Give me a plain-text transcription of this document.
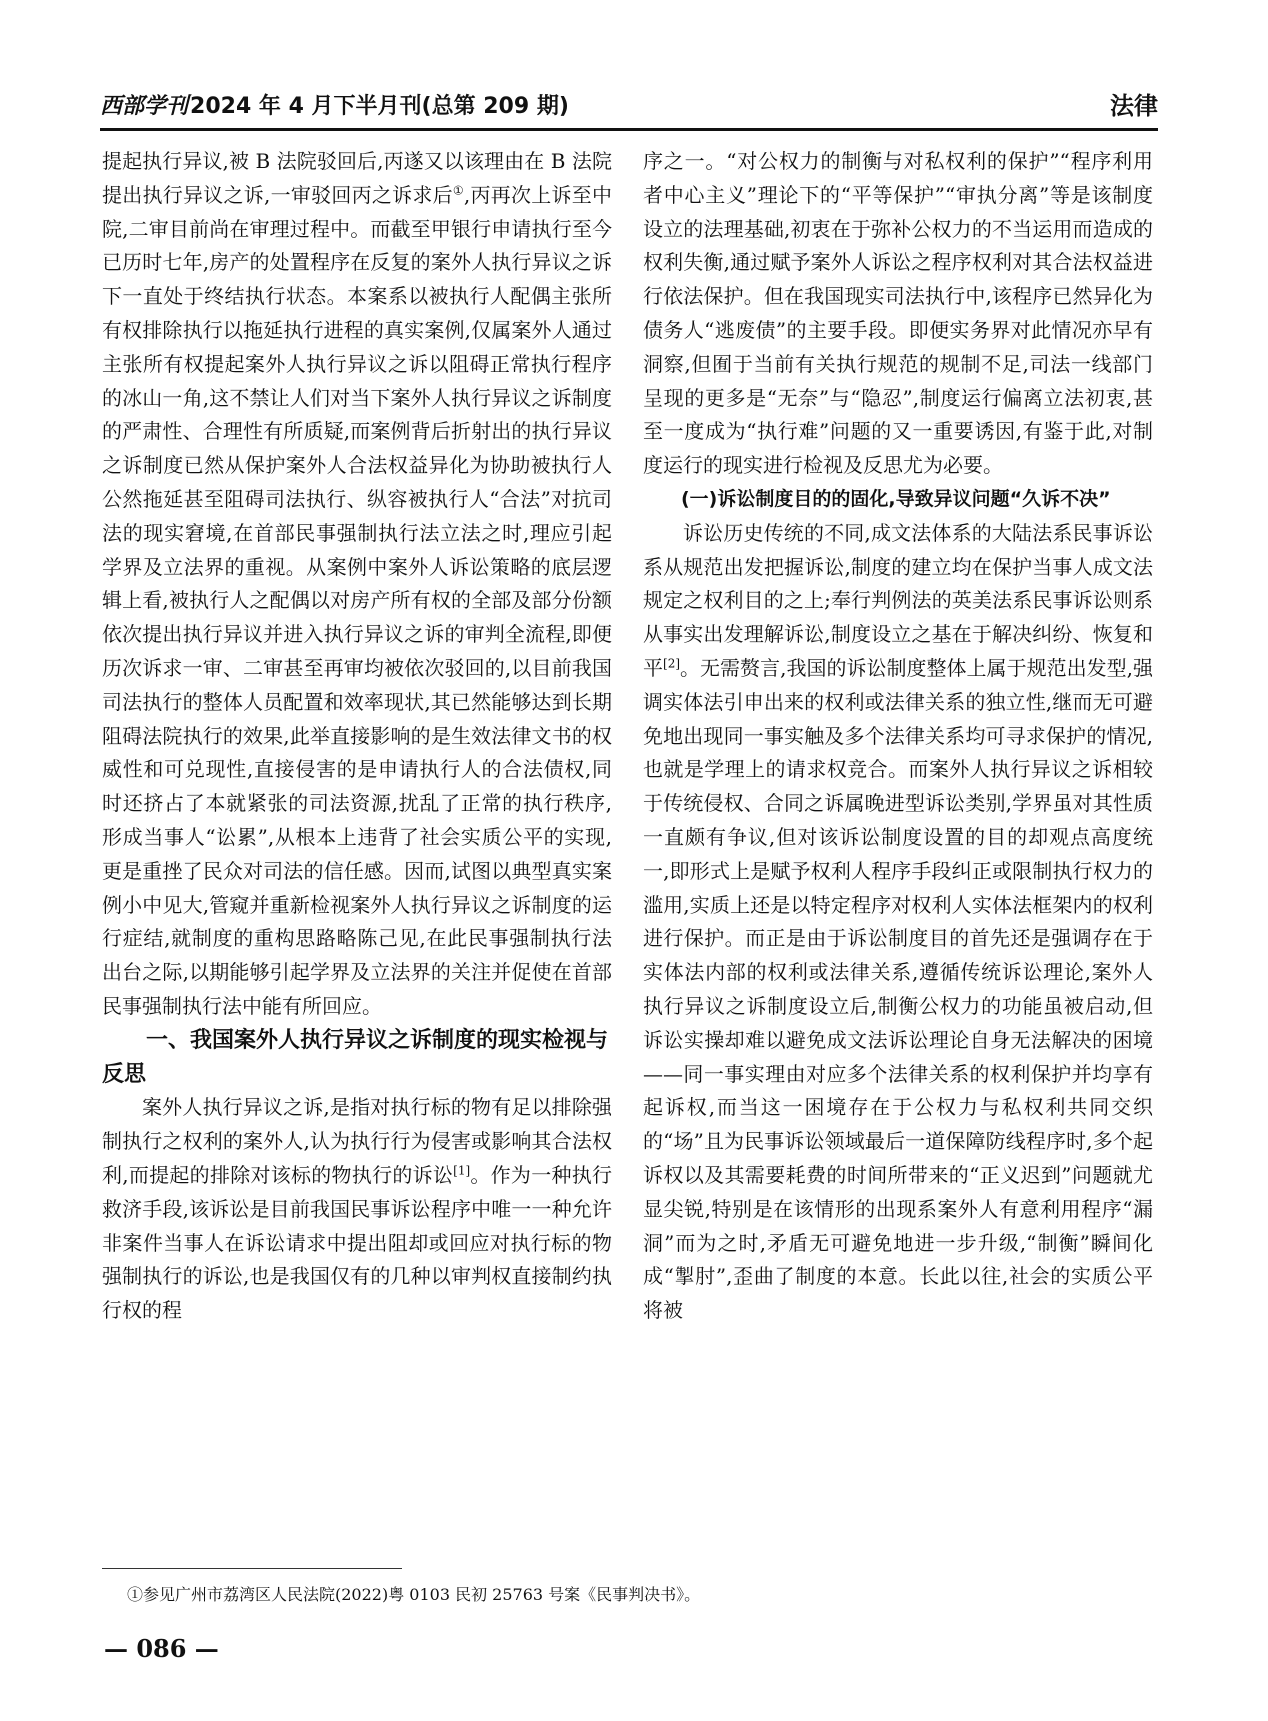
西部学刊2024 年 4 月下半月刊(总第 209 期)	法律

提起执行异议,被 B 法院驳回后,丙遂又以该理由在 B 法院提出执行异议之诉,一审驳回丙之诉求后①,丙再次上诉至中院,二审目前尚在审理过程中。而截至甲银行申请执行至今已历时七年,房产的处置程序在反复的案外人执行异议之诉下一直处于终结执行状态。本案系以被执行人配偶主张所有权排除执行以拖延执行进程的真实案例,仅属案外人通过主张所有权提起案外人执行异议之诉以阻碍正常执行程序的冰山一角,这不禁让人们对当下案外人执行异议之诉制度的严肃性、合理性有所质疑,而案例背后折射出的执行异议之诉制度已然从保护案外人合法权益异化为协助被执行人公然拖延甚至阻碍司法执行、纵容被执行人“合法”对抗司法的现实窘境,在首部民事强制执行法立法之时,理应引起学界及立法界的重视。从案例中案外人诉讼策略的底层逻辑上看,被执行人之配偶以对房产所有权的全部及部分份额依次提出执行异议并进入执行异议之诉的审判全流程,即便历次诉求一审、二审甚至再审均被依次驳回的,以目前我国司法执行的整体人员配置和效率现状,其已然能够达到长期阻碍法院执行的效果,此举直接影响的是生效法律文书的权威性和可兑现性,直接侵害的是申请执行人的合法债权,同时还挤占了本就紧张的司法资源,扰乱了正常的执行秩序,形成当事人“讼累”,从根本上违背了社会实质公平的实现,更是重挫了民众对司法的信任感。因而,试图以典型真实案例小中见大,管窥并重新检视案外人执行异议之诉制度的运行症结,就制度的重构思路略陈己见,在此民事强制执行法出台之际,以期能够引起学界及立法界的关注并促使在首部民事强制执行法中能有所回应。

一、我国案外人执行异议之诉制度的现实检视与反思

案外人执行异议之诉,是指对执行标的物有足以排除强制执行之权利的案外人,认为执行行为侵害或影响其合法权利,而提起的排除对该标的物执行的诉讼[1]。作为一种执行救济手段,该诉讼是目前我国民事诉讼程序中唯一一种允许非案件当事人在诉讼请求中提出阻却或回应对执行标的物强制执行的诉讼,也是我国仅有的几种以审判权直接制约执行权的程

序之一。“对公权力的制衡与对私权利的保护”“程序利用者中心主义”理论下的“平等保护”“审执分离”等是该制度设立的法理基础,初衷在于弥补公权力的不当运用而造成的权利失衡,通过赋予案外人诉讼之程序权利对其合法权益进行依法保护。但在我国现实司法执行中,该程序已然异化为债务人“逃废债”的主要手段。即便实务界对此情况亦早有洞察,但囿于当前有关执行规范的规制不足,司法一线部门呈现的更多是“无奈”与“隐忍”,制度运行偏离立法初衷,甚至一度成为“执行难”问题的又一重要诱因,有鉴于此,对制度运行的现实进行检视及反思尤为必要。

(一)诉讼制度目的的固化,导致异议问题“久诉不决”

诉讼历史传统的不同,成文法体系的大陆法系民事诉讼系从规范出发把握诉讼,制度的建立均在保护当事人成文法规定之权利目的之上;奉行判例法的英美法系民事诉讼则系从事实出发理解诉讼,制度设立之基在于解决纠纷、恢复和平[2]。无需赘言,我国的诉讼制度整体上属于规范出发型,强调实体法引申出来的权利或法律关系的独立性,继而无可避免地出现同一事实触及多个法律关系均可寻求保护的情况,也就是学理上的请求权竞合。而案外人执行异议之诉相较于传统侵权、合同之诉属晚进型诉讼类别,学界虽对其性质一直颇有争议,但对该诉讼制度设置的目的却观点高度统一,即形式上是赋予权利人程序手段纠正或限制执行权力的滥用,实质上还是以特定程序对权利人实体法框架内的权利进行保护。而正是由于诉讼制度目的首先还是强调存在于实体法内部的权利或法律关系,遵循传统诉讼理论,案外人执行异议之诉制度设立后,制衡公权力的功能虽被启动,但诉讼实操却难以避免成文法诉讼理论自身无法解决的困境——同一事实理由对应多个法律关系的权利保护并均享有起诉权,而当这一困境存在于公权力与私权利共同交织的“场”且为民事诉讼领域最后一道保障防线程序时,多个起诉权以及其需要耗费的时间所带来的“正义迟到”问题就尤显尖锐,特别是在该情形的出现系案外人有意利用程序“漏洞”而为之时,矛盾无可避免地进一步升级,“制衡”瞬间化成“掣肘”,歪曲了制度的本意。长此以往,社会的实质公平将被

①参见广州市荔湾区人民法院(2022)粤 0103 民初 25763 号案《民事判决书》。
— 086 —
